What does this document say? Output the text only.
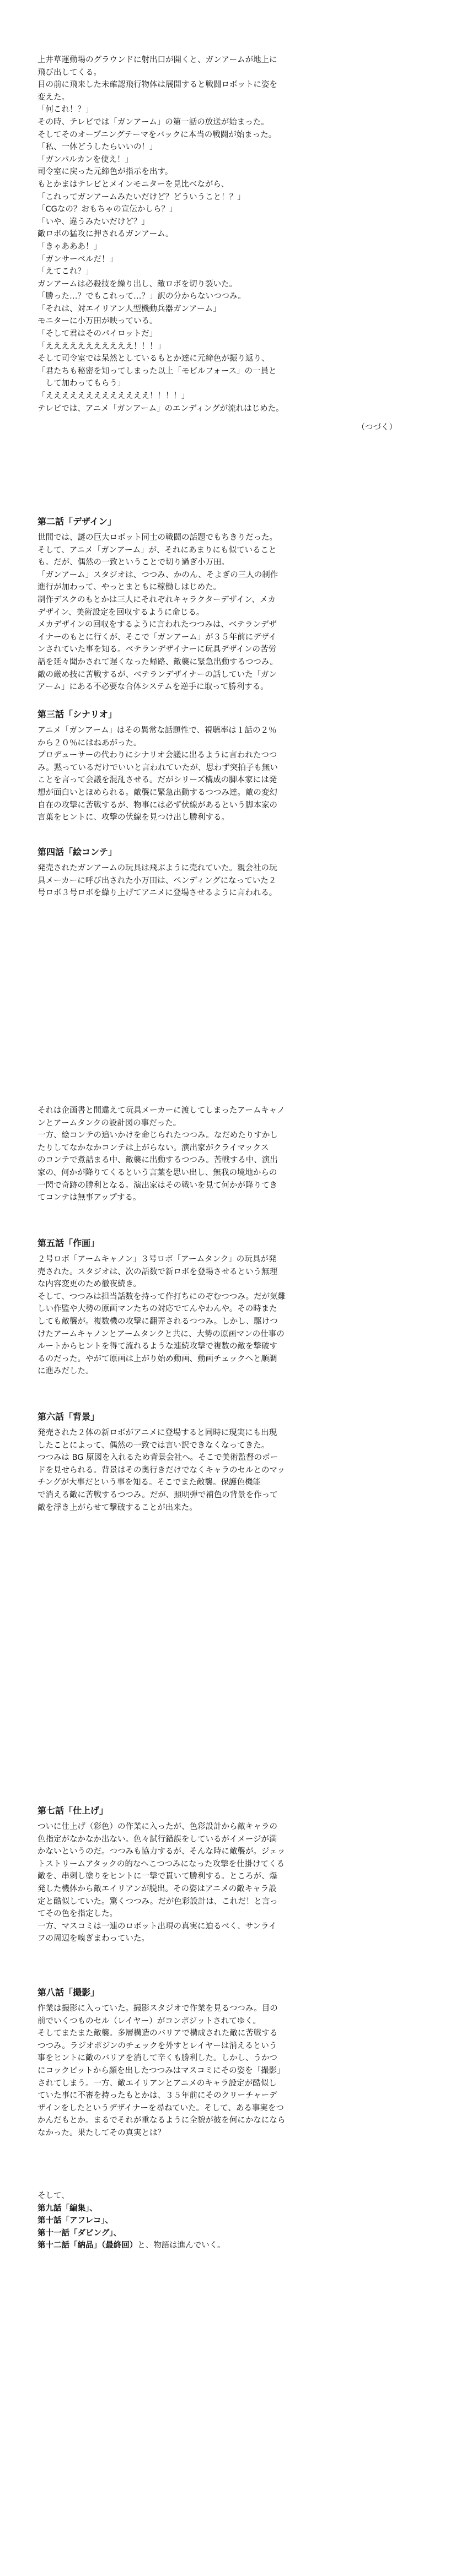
上井草運動場のグラウンドに射出口が開くと、ガンアームが地上に
飛び出してくる。
目の前に飛来した未確認飛行物体は展開すると戦闘ロボットに姿を
変えた。
「何これ！？」
その時、テレビでは「ガンアーム」の第一話の放送が始まった。
そしてそのオープニングテーマをバックに本当の戦闘が始まった。
「私、一体どうしたらいいの！」
「ガンパルカンを使え！」
司令室に戻った元締色が指示を出す。
もとかまはテレビとメインモニターを見比べながら、
「これってガンアームみたいだけど？どういうこと！？」
「CGなの？おもちゃの宣伝かしら？」
「いや、違うみたいだけど？」
敵ロボの猛攻に押されるガンアーム。
「きゃあああ！」
「ガンサーベルだ！」
「えてこれ？」
ガンアームは必殺技を繰り出し、敵ロボを切り裂いた。
「勝った…？でもこれって…？」訳の分からないつつみ。
「それは、対エイリアン人型機動兵器ガンアーム」
モニターに小万田が映っている。
「そして君はそのパイロットだ」
「えええええええええええ！！！」
そして司令室では呆然としているもとか達に元締色が振り返り、
「君たちも秘密を知ってしまった以上「モビルフォース」の一員と
　して加わってもらう」
「えええええええええええええ！！！！」
テレビでは、アニメ「ガンアーム」のエンディングが流れはじめた。

（つづく）

第二話「デザイン」

世間では、謎の巨大ロボット同士の戦闘の話題でもちきりだった。
そして、アニメ「ガンアーム」が、それにあまりにも似ていること
も。だが、偶然の一致ということで切り過ぎ小万田。
「ガンアーム」スタジオは、つつみ、かのん、そよぎの三人の制作
進行が加わって、やっとまともに稼働しはじめた。
制作デスクのもとかは三人にそれぞれキャラクターデザイン、メカ
デザイン、美術設定を回収するように命じる。
メカデザインの回収をするように言われたつつみは、ベテランデザ
イナーのもとに行くが、そこで「ガンアーム」が３５年前にデザイ
ンされていた事を知る。ベテランデザイナーに玩具デザインの苦労
話を延々聞かされて遅くなった帰路、敵襲に緊急出動するつつみ。
敵の厳め技に苦戦するが、ベテランデザイナーの話していた「ガン
アーム」にある不必要な合体システムを逆手に取って勝利する。

第三話「シナリオ」

アニメ「ガンアーム」はその異常な話題性で、視聴率は１話の２％
から２０％にはねあがった。
プロデューサーの代わりにシナリオ会議に出るように言われたつつ
み。黙っているだけでいいと言われていたが、思わず突拍子も無い
ことを言って会議を混乱させる。だがシリーズ構成の脚本家には発
想が面白いとほめられる。敵襲に緊急出動するつつみ達。敵の変幻
自在の攻撃に苦戦するが、物事には必ず伏線があるという脚本家の
言葉をヒントに、攻撃の伏線を見つけ出し勝利する。

第四話「絵コンテ」

発売されたガンアームの玩具は飛ぶように売れていた。親会社の玩
具メーカーに呼び出された小万田は、ペンディングになっていた２
号ロボ３号ロボを繰り上げてアニメに登場させるように言われる。

それは企画書と間違えて玩具メーカーに渡してしまったアームキャノ
ンとアームタンクの設計図の事だった。
一方、絵コンテの追いかけを命じられたつつみ。なだめたりすかし
たりしてなかなかコンテは上がらない。演出家がクライマックス
のコンテで煮詰まる中、敵襲に出動するつつみ。苦戦する中、演出
家の、何かが降りてくるという言葉を思い出し、無我の境地からの
一閃で奇跡の勝利となる。演出家はその戦いを見て何かが降りてき
てコンテは無事アップする。

第五話「作画」

２号ロボ「アームキャノン」３号ロボ「アームタンク」の玩具が発
売された。スタジオは、次の話数で新ロボを登場させるという無理
な内容変更のため徹夜続き。
そして、つつみは担当話数を持って作打ちにのぞむつつみ。だが気難
しい作監や大勢の原画マンたちの対応でてんやわんや。その時また
しても敵襲が。複数機の攻撃に翻弄されるつつみ。しかし、駆けつ
けたアームキャノンとアームタンクと共に、大勢の原画マンの仕事の
ルートからヒントを得て流れるような連続攻撃で複数の敵を撃破す
るのだった。やがて原画は上がり始め動画、動画チェックへと順調
に進みだした。

第六話「背景」

発売された２体の新ロボがアニメに登場すると同時に現実にも出現
したことによって、偶然の一致では言い訳できなくなってきた。
つつみは BG 原図を入れるため背景会社へ。そこで美術監督のボー
ドを見せられる。背景はその奥行きだけでなくキャラのセルとのマッ
チングが大事だという事を知る。そこでまた敵襲。保護色機能
で消える敵に苦戦するつつみ。だが、照明弾で補色の背景を作って
敵を浮き上がらせて撃破することが出来た。

第七話「仕上げ」

ついに仕上げ（彩色）の作業に入ったが、色彩設計から敵キャラの
色指定がなかなか出ない。色々試行錯誤をしているがイメージが満
かないというのだ。つつみも協力するが、そんな時に敵襲が。ジェッ
トストリームアタックの的なへこつつみになった攻撃を仕掛けてくる
敵を、串刺し塗りをヒントに一撃で貫いて勝利する。ところが、爆
発した機体から敵エイリアンが脱出。その姿はアニメの敵キャラ設
定と酷似していた。驚くつつみ。だが色彩設計は、これだ！と言っ
てその色を指定した。
一方、マスコミは一連のロボット出現の真実に迫るべく、サンライ
フの周辺を嗅ぎまわっていた。

第八話「撮影」

作業は撮影に入っていた。撮影スタジオで作業を見るつつみ。目の
前でいくつものセル（レイヤー）がコンポジットされてゆく。
そしてまたまた敵襲。多層構造のバリアで構成された敵に苦戦する
つつみ。ラジオポジンのチェックを外すとレイヤーは消えるという
事をヒントに敵のバリアを消して辛くも勝利した。しかし、うかつ
にコックピットから顔を出したつつみはマスコミにその姿を「撮影」
されてしまう。一方、敵エイリアンとアニメのキャラ設定が酷似し
ていた事に不審を持ったもとかは、３５年前にそのクリーチャーデ
ザインをしたというデザイナーを尋ねていた。そして、ある事実をつ
かんだもとか。まるでそれが重なるように全貌が彼を何にかなになら
なかった。果たしてその真実とは？

そして、

第九話「編集」、

第十話「アフレコ」、

第十一話「ダビング」、

第十二話「納品」（最終回）と、物語は進んでいく。
